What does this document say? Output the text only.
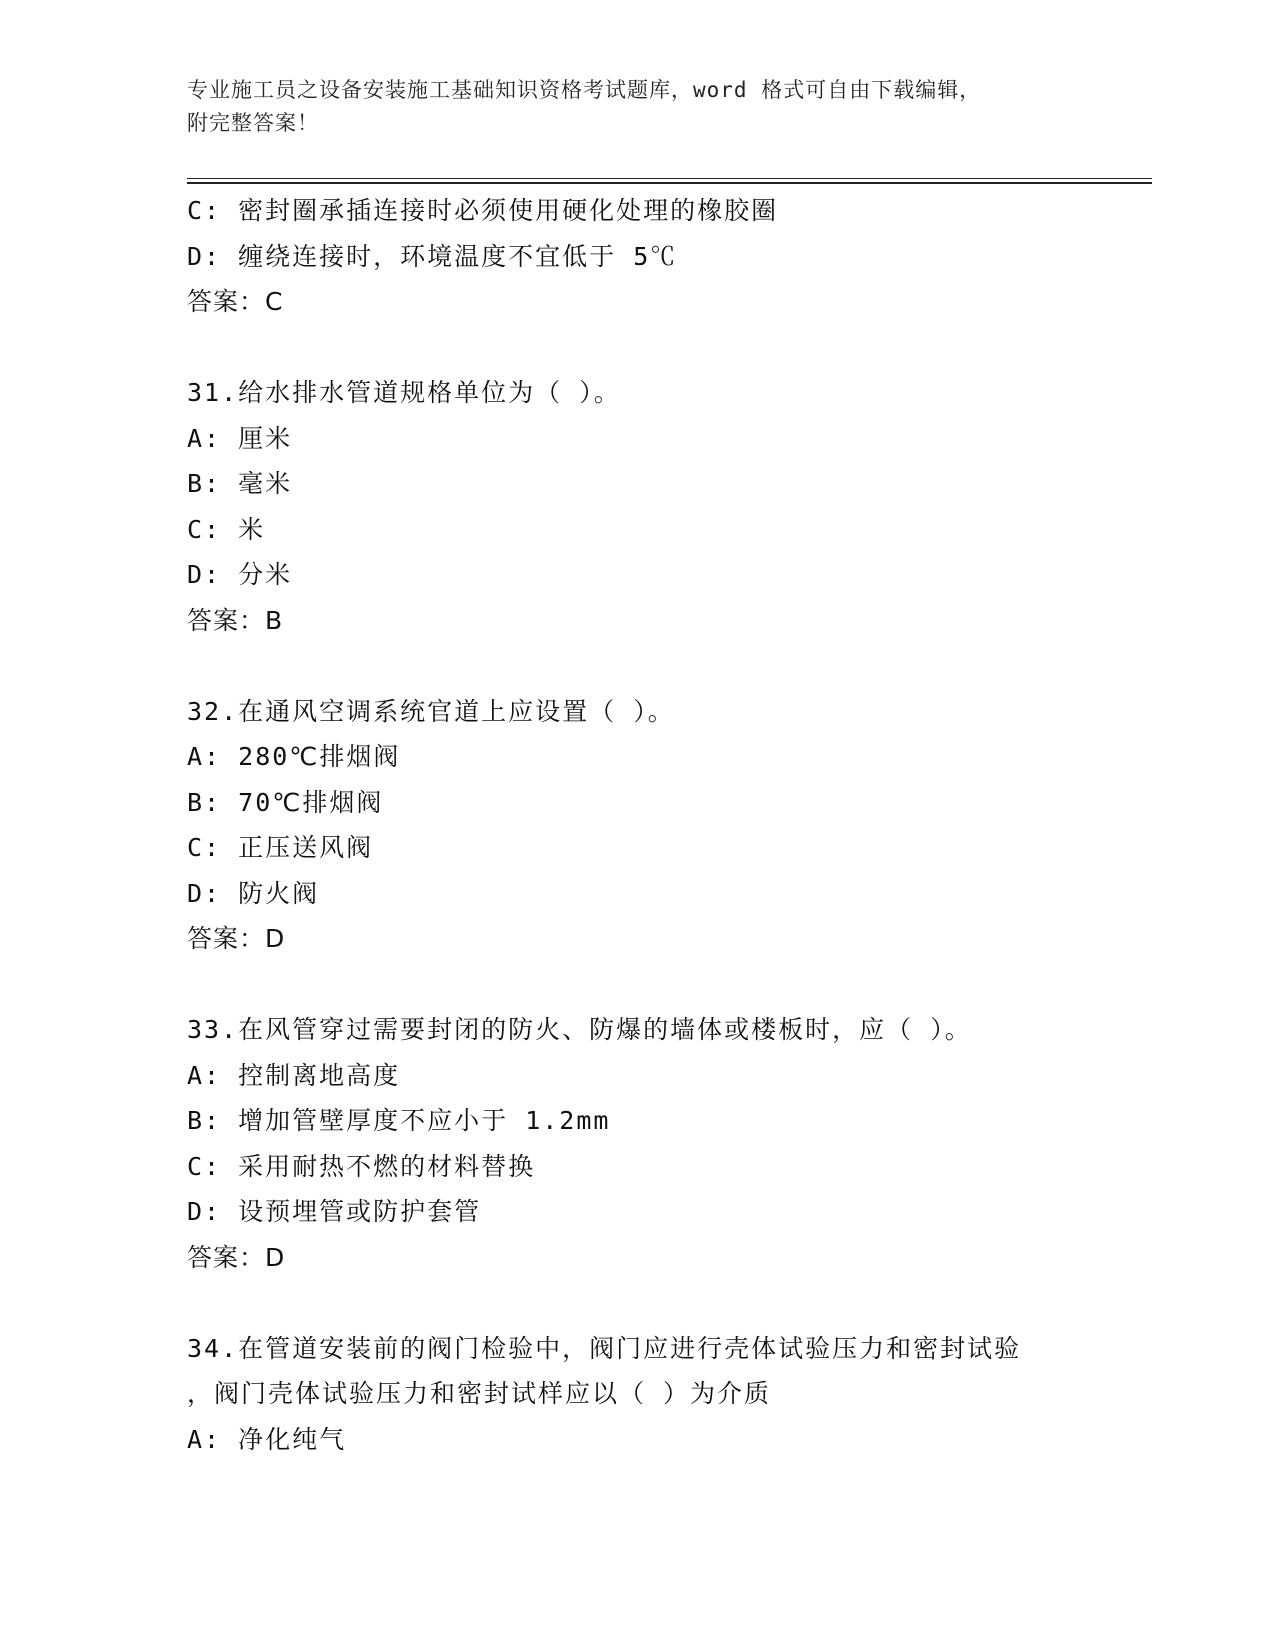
专业施工员之设备安装施工基础知识资格考试题库，word 格式可自由下载编辑，
附完整答案！
C: 密封圈承插连接时必须使用硬化处理的橡胶圈
D: 缠绕连接时，环境温度不宜低于 5℃
答案：C
31.给水排水管道规格单位为（ ）。
A: 厘米
B: 毫米
C: 米
D: 分米
答案：B
32.在通风空调系统官道上应设置（ ）。
A: 280℃排烟阀
B: 70℃排烟阀
C: 正压送风阀
D: 防火阀
答案：D
33.在风管穿过需要封闭的防火、防爆的墙体或楼板时，应（ ）。
A: 控制离地高度
B: 增加管壁厚度不应小于 1.2mm
C: 采用耐热不燃的材料替换
D: 设预埋管或防护套管
答案：D
34.在管道安装前的阀门检验中，阀门应进行壳体试验压力和密封试验
，阀门壳体试验压力和密封试样应以（ ）为介质
A: 净化纯气
